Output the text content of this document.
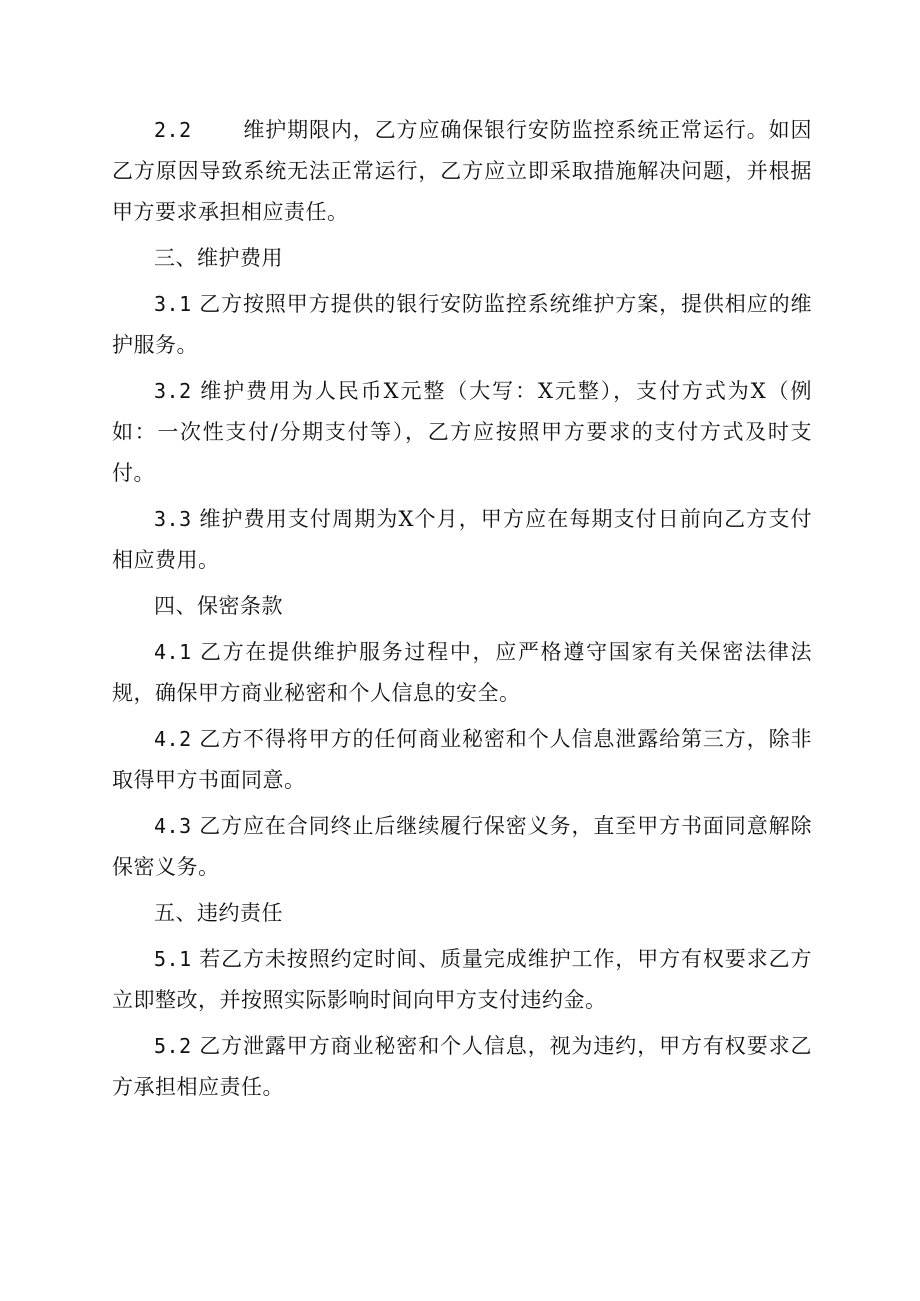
2.2　　 维护期限内，乙方应确保银行安防监控系统正常运行。如因乙方原因导致系统无法正常运行，乙方应立即采取措施解决问题，并根据甲方要求承担相应责任。

三、维护费用

3.1 乙方按照甲方提供的银行安防监控系统维护方案，提供相应的维护服务。

3.2 维护费用为人民币X元整（大写：X元整），支付方式为X（例如：一次性支付/分期支付等），乙方应按照甲方要求的支付方式及时支付。

3.3 维护费用支付周期为X个月，甲方应在每期支付日前向乙方支付相应费用。

四、保密条款

4.1 乙方在提供维护服务过程中，应严格遵守国家有关保密法律法规，确保甲方商业秘密和个人信息的安全。

4.2 乙方不得将甲方的任何商业秘密和个人信息泄露给第三方，除非取得甲方书面同意。

4.3 乙方应在合同终止后继续履行保密义务，直至甲方书面同意解除保密义务。

五、违约责任

5.1 若乙方未按照约定时间、质量完成维护工作，甲方有权要求乙方立即整改，并按照实际影响时间向甲方支付违约金。

5.2 乙方泄露甲方商业秘密和个人信息，视为违约，甲方有权要求乙方承担相应责任。
